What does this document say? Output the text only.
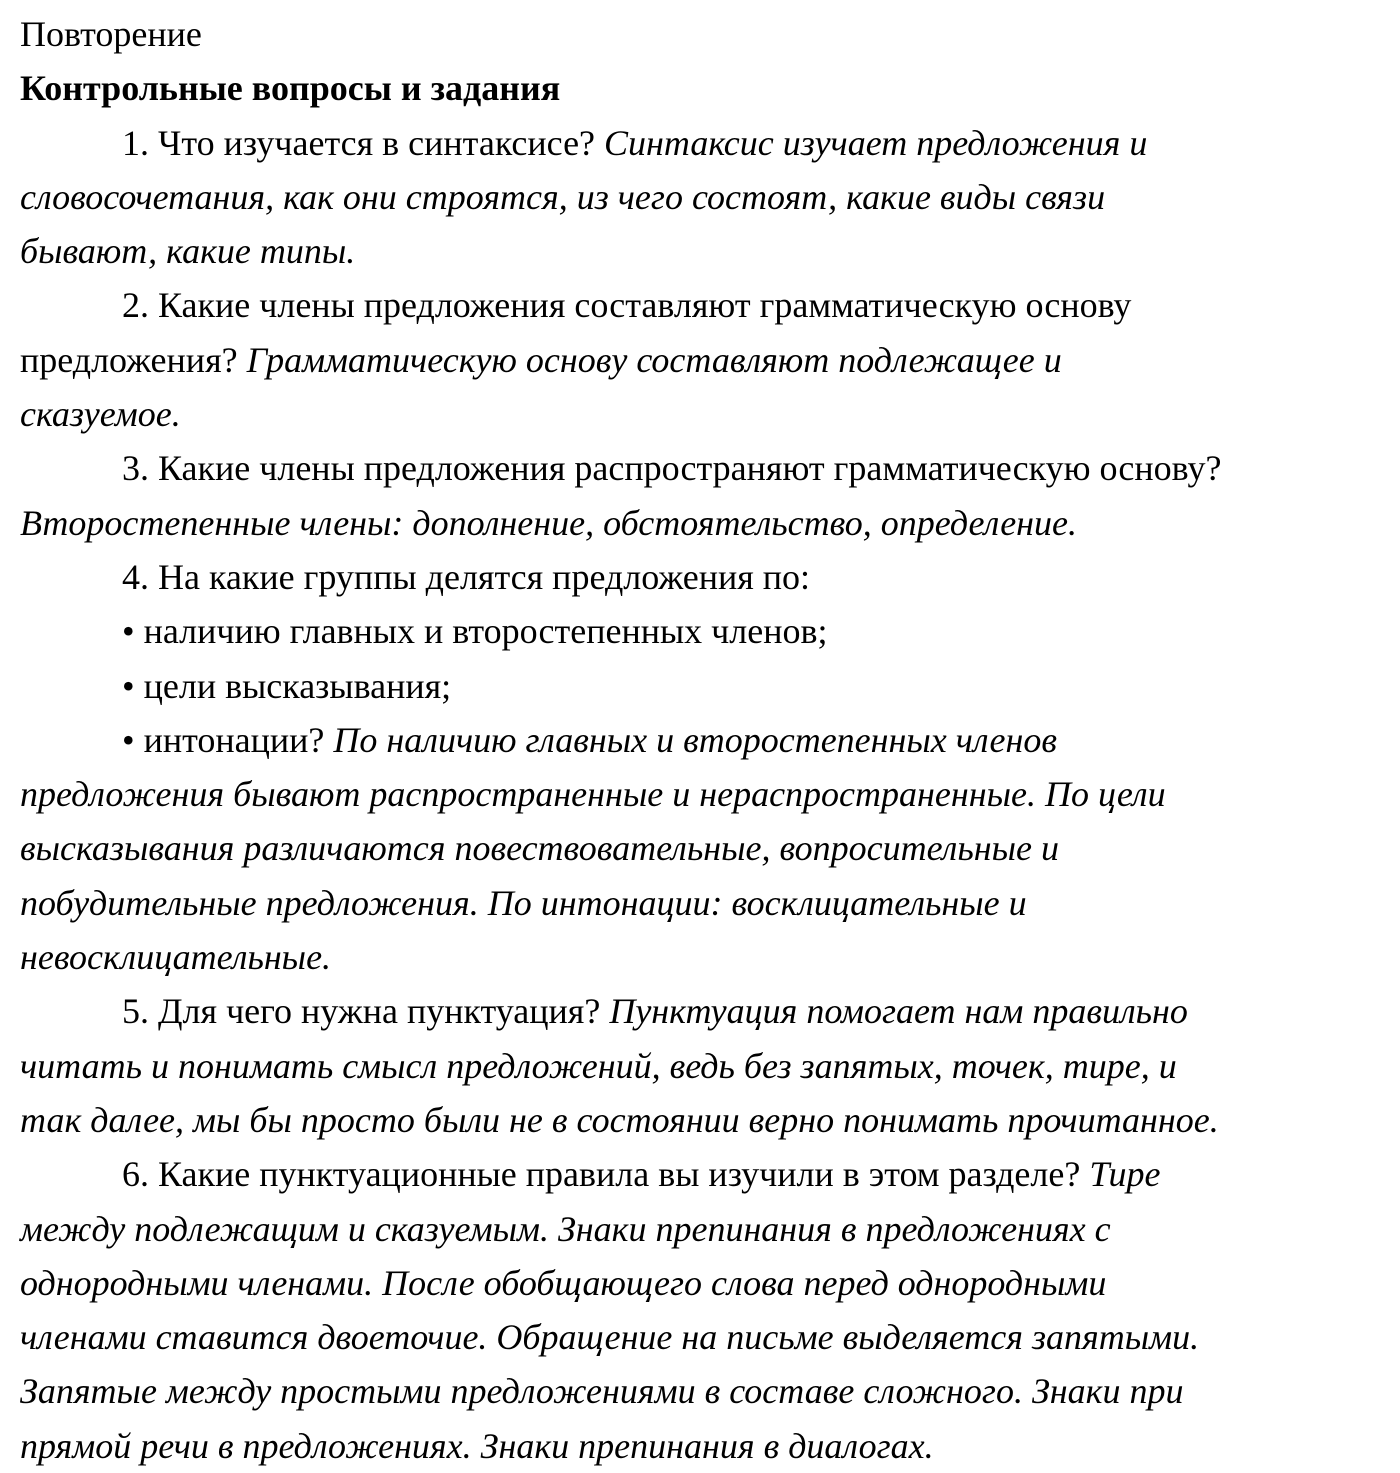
Повторение
Контрольные вопросы и задания
1. Что изучается в синтаксисе? Синтаксис изучает предложения и
словосочетания, как они строятся, из чего состоят, какие виды связи
бывают, какие типы.
2. Какие члены предложения составляют грамматическую основу
предложения? Грамматическую основу составляют подлежащее и
сказуемое.
3. Какие члены предложения распространяют грамматическую основу?
Второстепенные члены: дополнение, обстоятельство, определение.
4. На какие группы делятся предложения по:
• наличию главных и второстепенных членов;
• цели высказывания;
• интонации? По наличию главных и второстепенных членов
предложения бывают распространенные и нераспространенные. По цели
высказывания различаются повествовательные, вопросительные и
побудительные предложения. По интонации: восклицательные и
невосклицательные.
5. Для чего нужна пунктуация? Пунктуация помогает нам правильно
читать и понимать смысл предложений, ведь без запятых, точек, тире, и
так далее, мы бы просто были не в состоянии верно понимать прочитанное.
6. Какие пунктуационные правила вы изучили в этом разделе? Тире
между подлежащим и сказуемым. Знаки препинания в предложениях с
однородными членами. После обобщающего слова перед однородными
членами ставится двоеточие. Обращение на письме выделяется запятыми.
Запятые между простыми предложениями в составе сложного. Знаки при
прямой речи в предложениях. Знаки препинания в диалогах.
